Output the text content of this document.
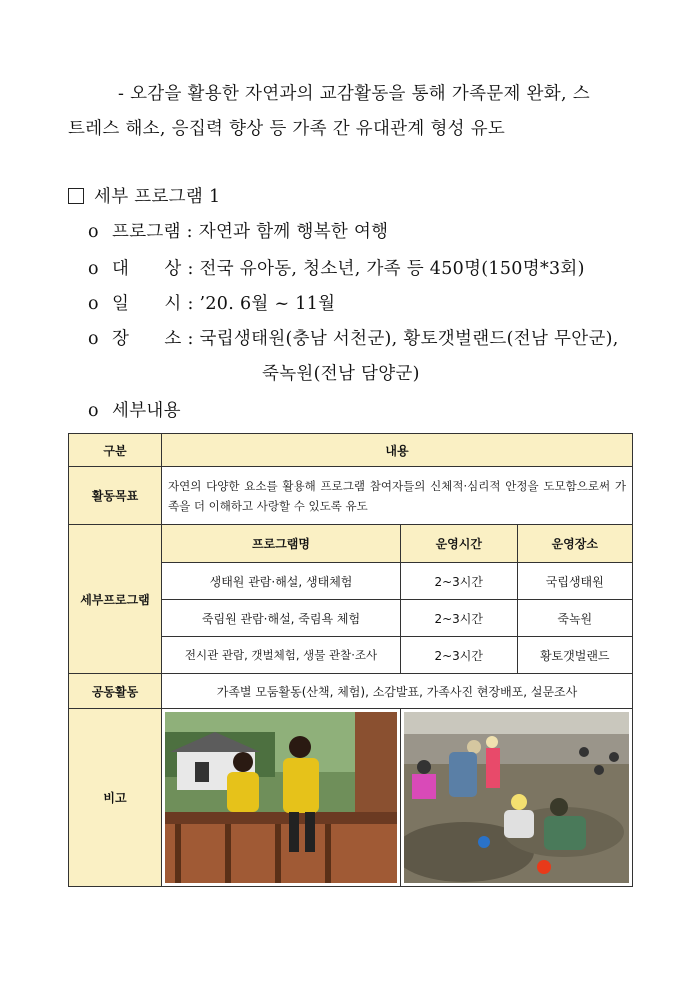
- 오감을 활용한 자연과의 교감활동을 통해 가족문제 완화, 스
트레스 해소, 응집력 향상 등 가족 간 유대관계 형성 유도
세부 프로그램 1
o 프로그램 : 자연과 함께 행복한 여행
o 대      상 : 전국 유아동, 청소년, 가족 등 450명(150명*3회)
o 일      시 : ’20. 6월 ~ 11월
o 장      소 : 국립생태원(충남 서천군), 황토갯벌랜드(전남 무안군),
죽녹원(전남 담양군)
o 세부내용
구분	내용		
활동목표	자연의 다양한 요소를 활용해 프로그램 참여자들의 신체적·심리적 안정을 도모함으로써 가족을 더 이해하고 사랑할 수 있도록 유도		
세부프로그램	프로그램명	운영시간	운영장소
	생태원 관람·해설, 생태체험	2~3시간	국립생태원
	죽림원 관람·해설, 죽림욕 체험	2~3시간	죽녹원
	전시관 관람, 갯벌체험, 생물 관찰·조사	2~3시간	황토갯벌랜드
공동활동	가족별 모둠활동(산책, 체험), 소감발표, 가족사진 현장배포, 설문조사		
비고	
